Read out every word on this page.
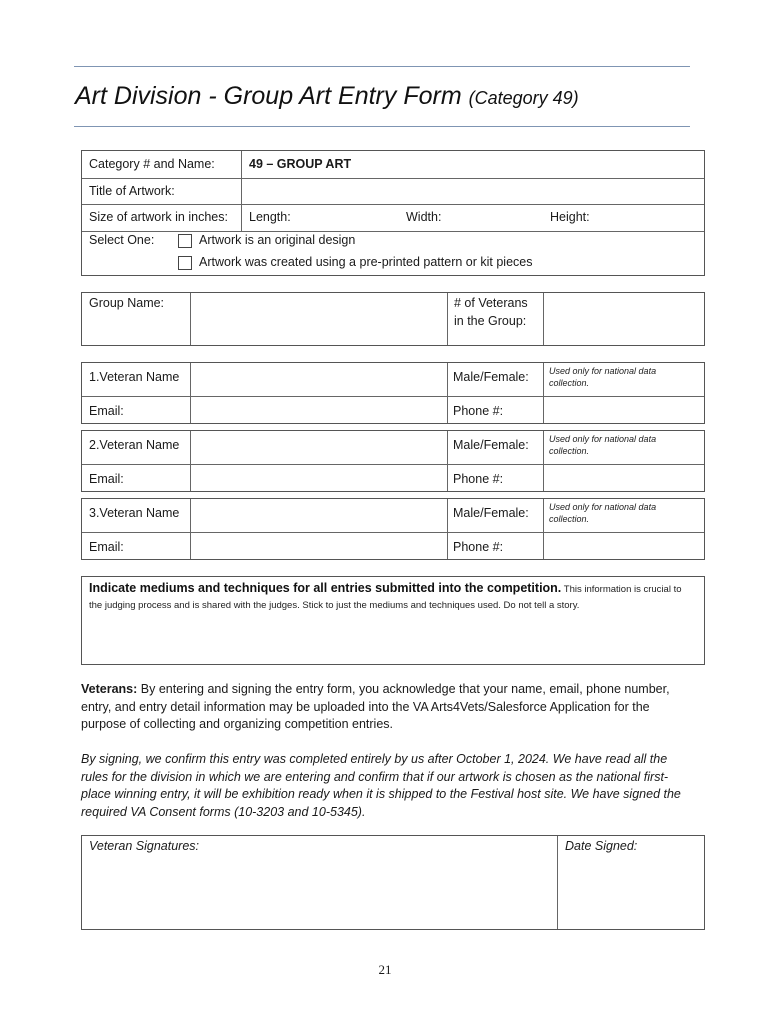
Art Division - Group Art Entry Form (Category 49)
Category # and Name:	49 – GROUP ART
Title of Artwork:
Size of artwork in inches: Length:	Width:	Height:
Select One:	Artwork is an original design
Artwork was created using a pre-printed pattern or kit pieces
Group Name:	# of Veterans
in the Group:
1.Veteran Name	Male/Female: Used only for national data collection.
Email:	Phone #:
2.Veteran Name	Male/Female: Used only for national data collection.
Email:	Phone #:
3.Veteran Name	Male/Female: Used only for national data collection.
Email:	Phone #:
Indicate mediums and techniques for all entries submitted into the competition. This information is crucial to the judging process and is shared with the judges. Stick to just the mediums and techniques used. Do not tell a story.
Veterans: By entering and signing the entry form, you acknowledge that your name, email, phone number, entry, and entry detail information may be uploaded into the VA Arts4Vets/Salesforce Application for the purpose of collecting and organizing competition entries.
By signing, we confirm this entry was completed entirely by us after October 1, 2024. We have read all the rules for the division in which we are entering and confirm that if our artwork is chosen as the national first-place winning entry, it will be exhibition ready when it is shipped to the Festival host site. We have signed the required VA Consent forms (10-3203 and 10-5345).
Veteran Signatures:	Date Signed:
21
